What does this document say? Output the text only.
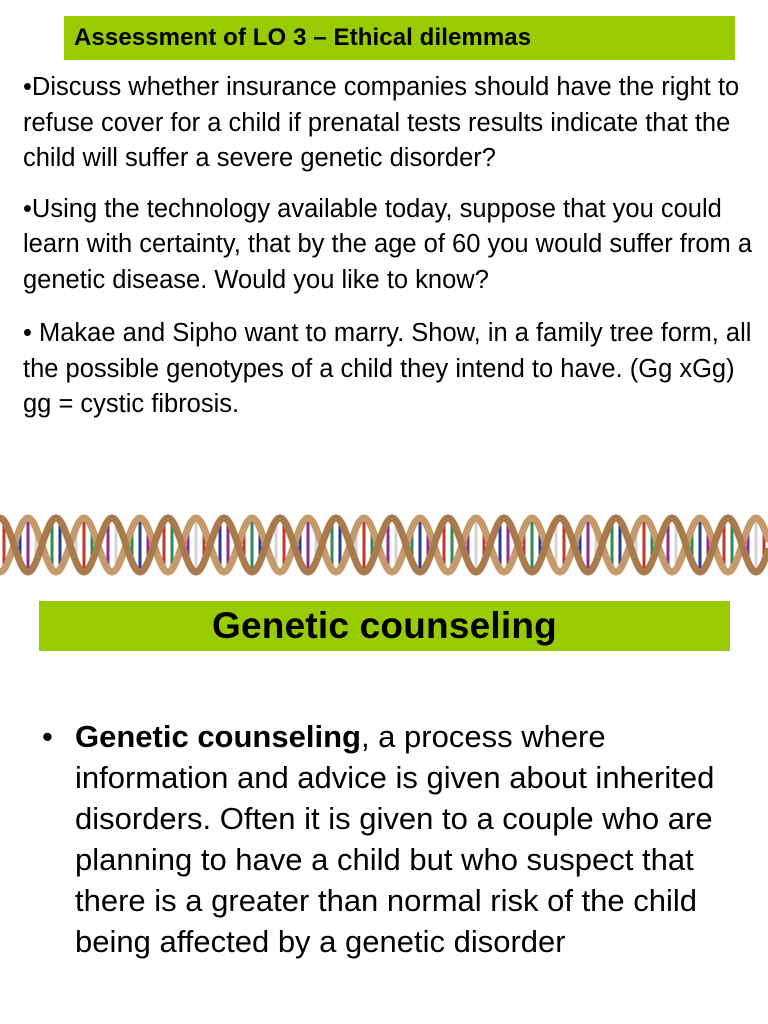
Assessment of LO 3 – Ethical dilemmas

•Discuss whether insurance companies should have the right to refuse cover for a child if prenatal tests results indicate that the child will suffer a severe genetic disorder?

•Using the technology available today, suppose that you could learn with certainty, that by the age of 60 you would suffer from a genetic disease. Would you like to know?

• Makae and Sipho want to marry. Show, in a family tree form, all the possible genotypes of a child they intend to have. (Gg xGg) gg = cystic fibrosis.

Genetic counseling
• Genetic counseling, a process where information and advice is given about inherited disorders. Often it is given to a couple who are planning to have a child but who suspect that there is a greater than normal risk of the child being affected by a genetic disorder
